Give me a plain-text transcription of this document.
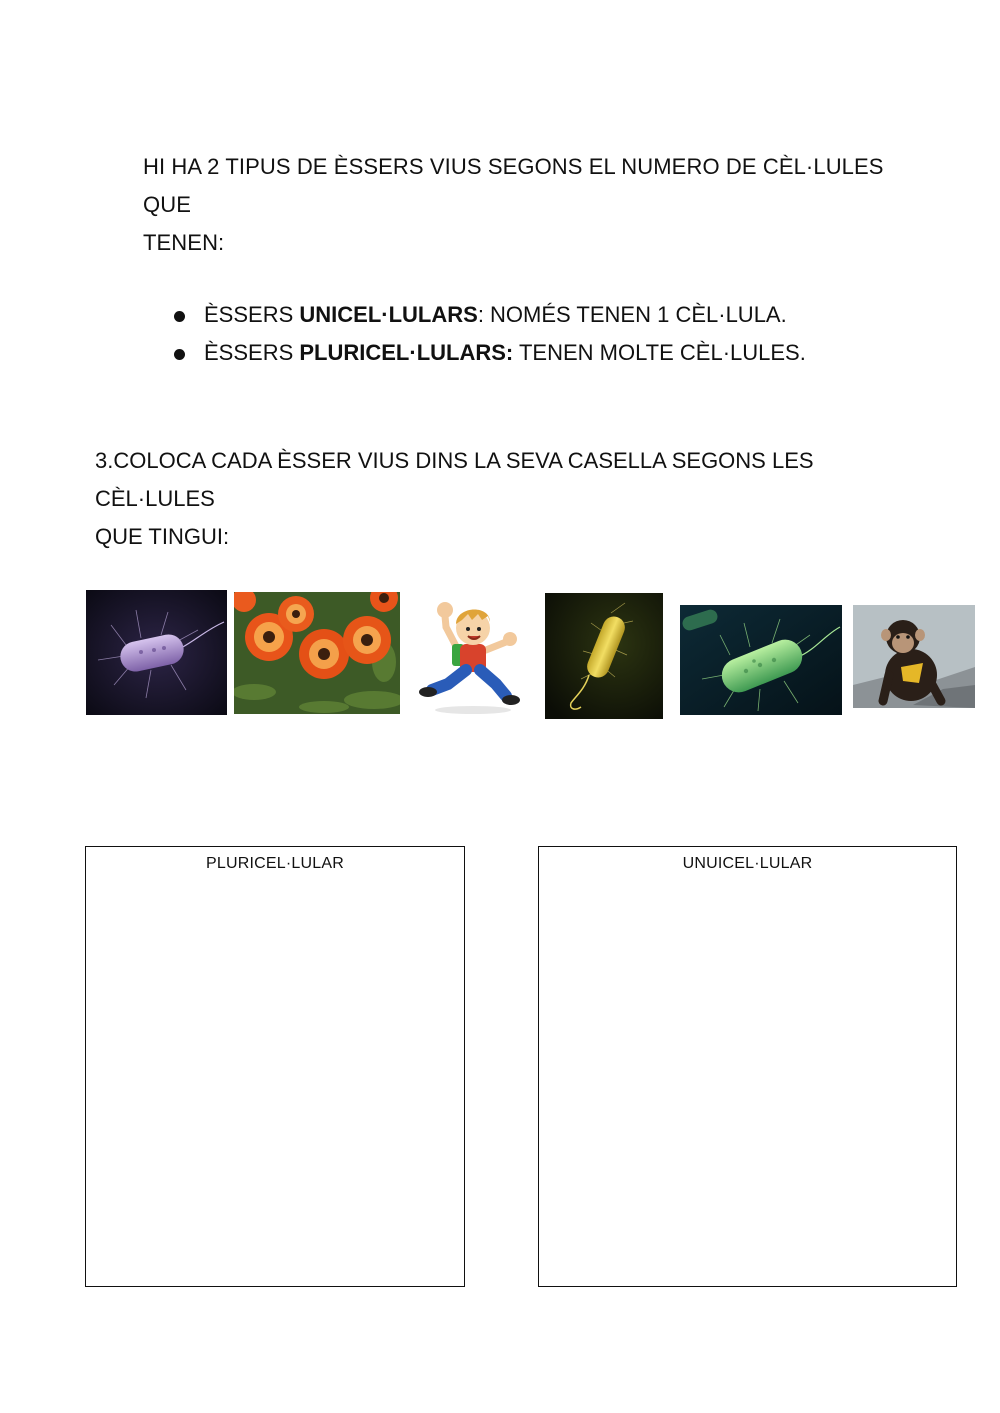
HI HA 2 TIPUS DE ÈSSERS VIUS SEGONS EL NUMERO DE CÈL·LULES QUE
TENEN:
ÈSSERS UNICEL·LULARS: NOMÉS TENEN 1 CÈL·LULA.
ÈSSERS PLURICEL·LULARS: TENEN MOLTE CÈL·LULES.
3.COLOCA CADA ÈSSER VIUS DINS LA SEVA CASELLA SEGONS LES CÈL·LULES
QUE TINGUI:
PLURICEL·LULAR	UNUICEL·LULAR
